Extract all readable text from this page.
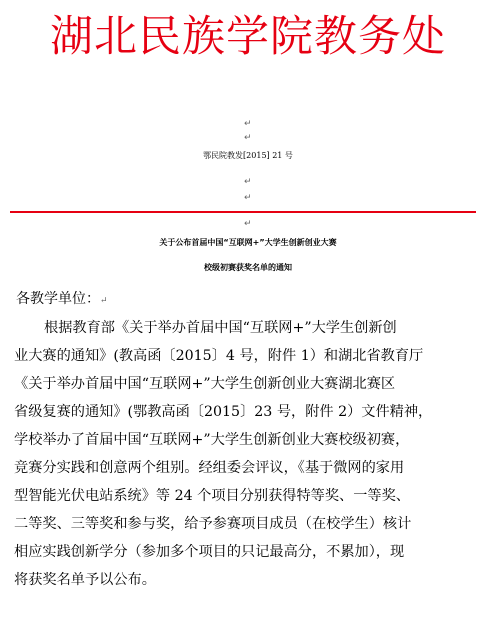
湖北民族学院教务处
↵
↵
鄂民院教发[2015] 21 号
↵
↵
↵
关于公布首届中国“互联网+”大学生创新创业大赛
校级初赛获奖名单的通知
各教学单位：↵
根据教育部《关于举办首届中国“互联网+”大学生创新创
业大赛的通知》(教高函〔2015〕4 号，附件 1）和湖北省教育厅
《关于举办首届中国“互联网+”大学生创新创业大赛湖北赛区
省级复赛的通知》(鄂教高函〔2015〕23 号，附件 2）文件精神，
学校举办了首届中国“互联网+”大学生创新创业大赛校级初赛，
竞赛分实践和创意两个组别。经组委会评议，《基于微网的家用
型智能光伏电站系统》等 24 个项目分别获得特等奖、一等奖、
二等奖、三等奖和参与奖，给予参赛项目成员（在校学生）核计
相应实践创新学分（参加多个项目的只记最高分，不累加），现
将获奖名单予以公布。
